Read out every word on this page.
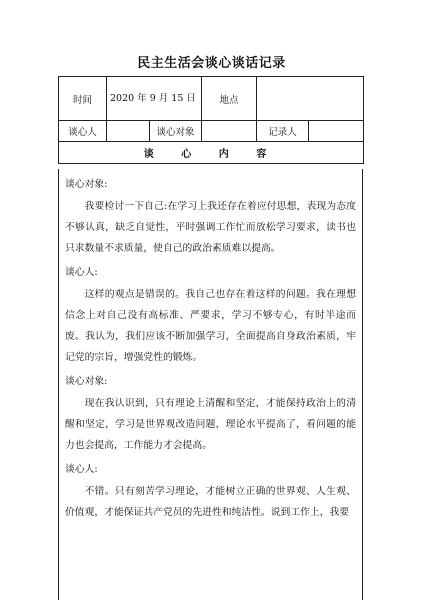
民主生活会谈心谈话记录
时间	2020 年 9 月 15 日		地点		
谈心人		谈心对象		记录人	
谈 心 内 容					
谈心对象:

我要检讨一下自己:在学习上我还存在着应付思想，表现为态度不够认真，缺乏自觉性，平时强调工作忙而放松学习要求，读书也只求数量不求质量，使自己的政治素质难以提高。

谈心人:

这样的观点是错误的。我自己也存在着这样的问题。我在理想信念上对自己没有高标准、严要求，学习不够专心，有时半途而废。我认为，我们应该不断加强学习，全面提高自身政治素质，牢记党的宗旨，增强党性的锻炼。

谈心对象:

现在我认识到，只有理论上清醒和坚定，才能保持政治上的清醒和坚定，学习是世界观改造问题，理论水平提高了，看问题的能力也会提高，工作能力才会提高。

谈心人:

不错。只有刻苦学习理论，才能树立正确的世界观、人生观、价值观，才能保证共产党员的先进性和纯洁性。说到工作上，我要
